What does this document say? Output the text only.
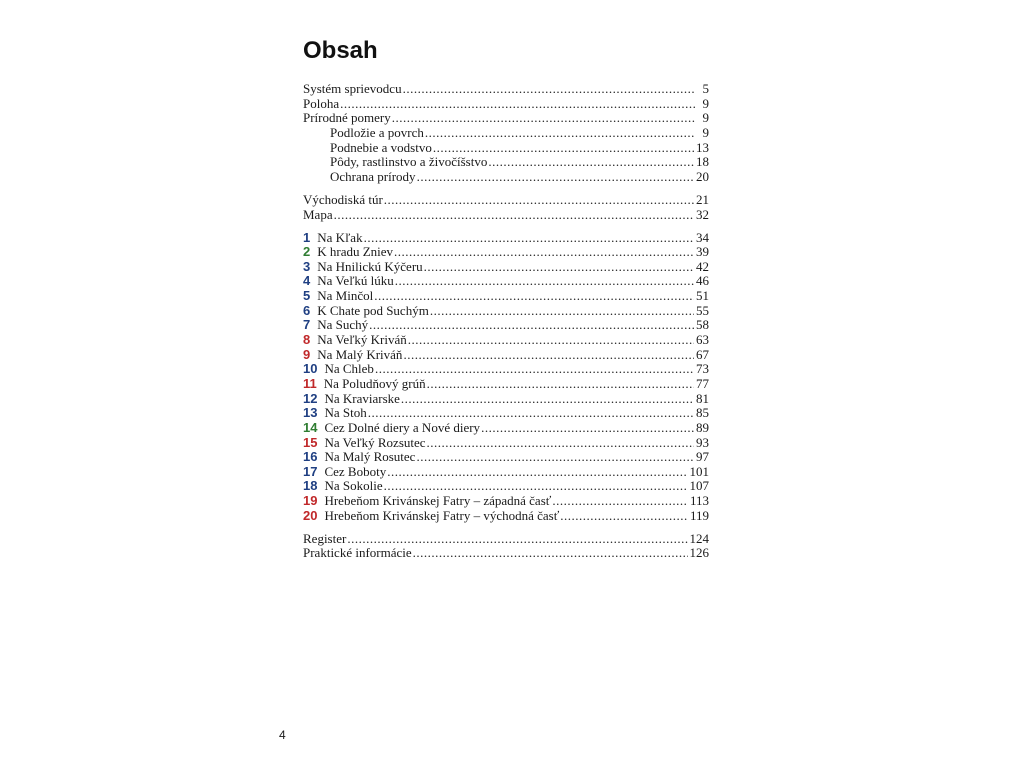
Obsah
Systém sprievodcu .....	5
Poloha .....	9
Prírodné pomery .....	9
Podložie a povrch .....	9
Podnebie a vodstvo .....	13
Pôdy, rastlinstvo a živočíšstvo .....	18
Ochrana prírody .....	20
Východiská túr .....	21
Mapa .....	32
1 Na Kľak .....	34
2 K hradu Zniev .....	39
3 Na Hnilickú Kýčeru .....	42
4 Na Veľkú lúku .....	46
5 Na Minčol .....	51
6 K Chate pod Suchým .....	55
7 Na Suchý .....	58
8 Na Veľký Kriváň .....	63
9 Na Malý Kriváň .....	67
10 Na Chleb .....	73
11 Na Poludňový grúň .....	77
12 Na Kraviarske .....	81
13 Na Stoh .....	85
14 Cez Dolné diery a Nové diery .....	89
15 Na Veľký Rozsutec .....	93
16 Na Malý Rosutec .....	97
17 Cez Boboty .....	101
18 Na Sokolie .....	107
19 Hrebeňom Krivánskej Fatry – západná časť .....	113
20 Hrebeňom Krivánskej Fatry – východná časť .....	119
Register .....	124
Praktické informácie .....	126
4
